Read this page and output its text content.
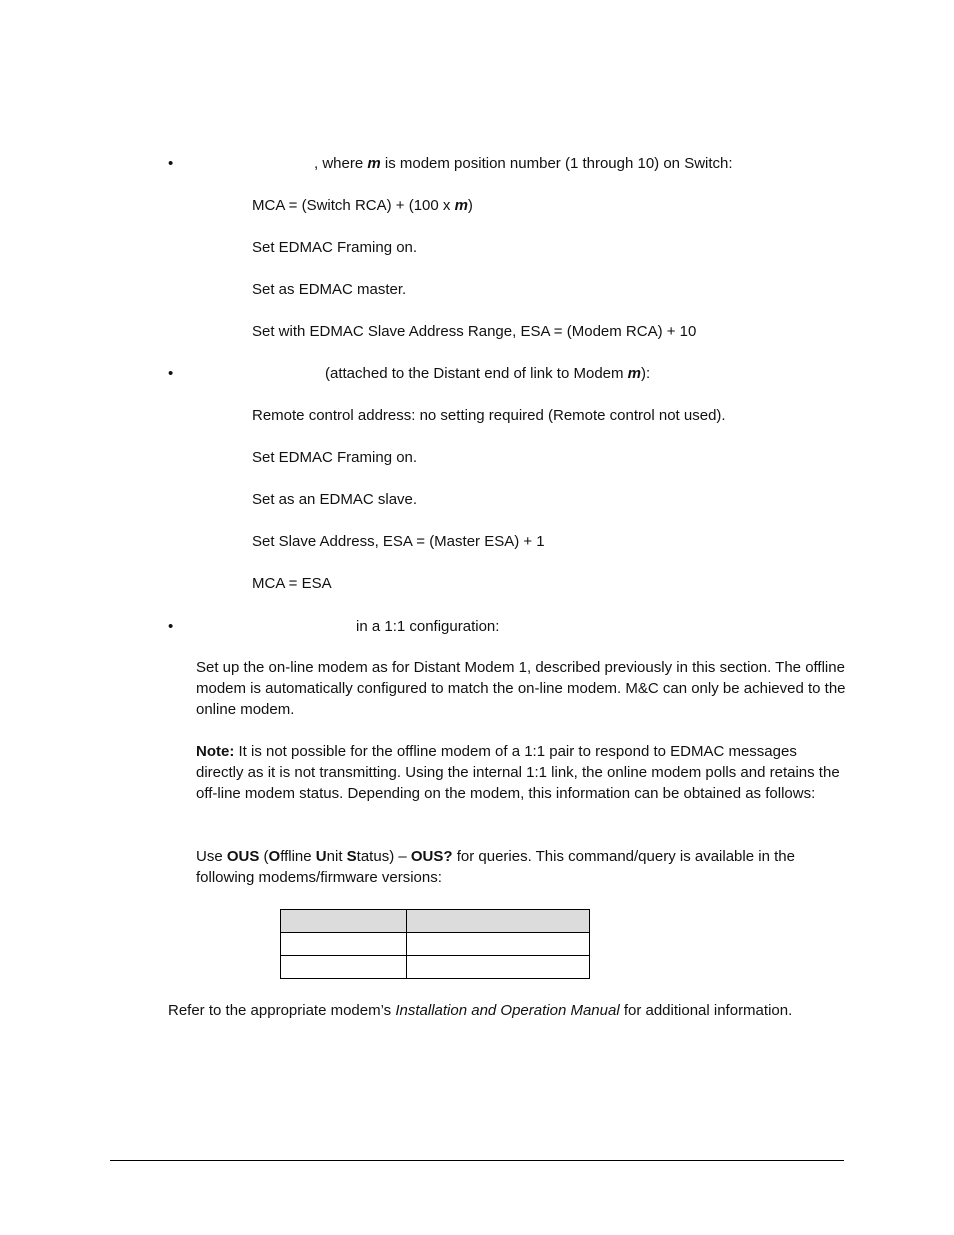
•	, where m is modem position number (1 through 10) on Switch:
MCA = (Switch RCA) + (100 x m)
Set EDMAC Framing on.
Set as EDMAC master.
Set with EDMAC Slave Address Range, ESA = (Modem RCA) + 10
•	(attached to the Distant end of link to Modem m):
Remote control address: no setting required (Remote control not used).
Set EDMAC Framing on.
Set as an EDMAC slave.
Set Slave Address, ESA = (Master ESA) + 1
MCA = ESA
•	in a 1:1 configuration:
Set up the on-line modem as for Distant Modem 1, described previously in this section. The offline modem is automatically configured to match the on-line modem. M&C can only be achieved to the online modem.
Note: It is not possible for the offline modem of a 1:1 pair to respond to EDMAC messages directly as it is not transmitting. Using the internal 1:1 link, the online modem polls and retains the off-line modem status. Depending on the modem, this information can be obtained as follows:
Use OUS (Offline Unit Status) – OUS? for queries. This command/query is available in the following modems/firmware versions:

Refer to the appropriate modem’s Installation and Operation Manual for additional information.
